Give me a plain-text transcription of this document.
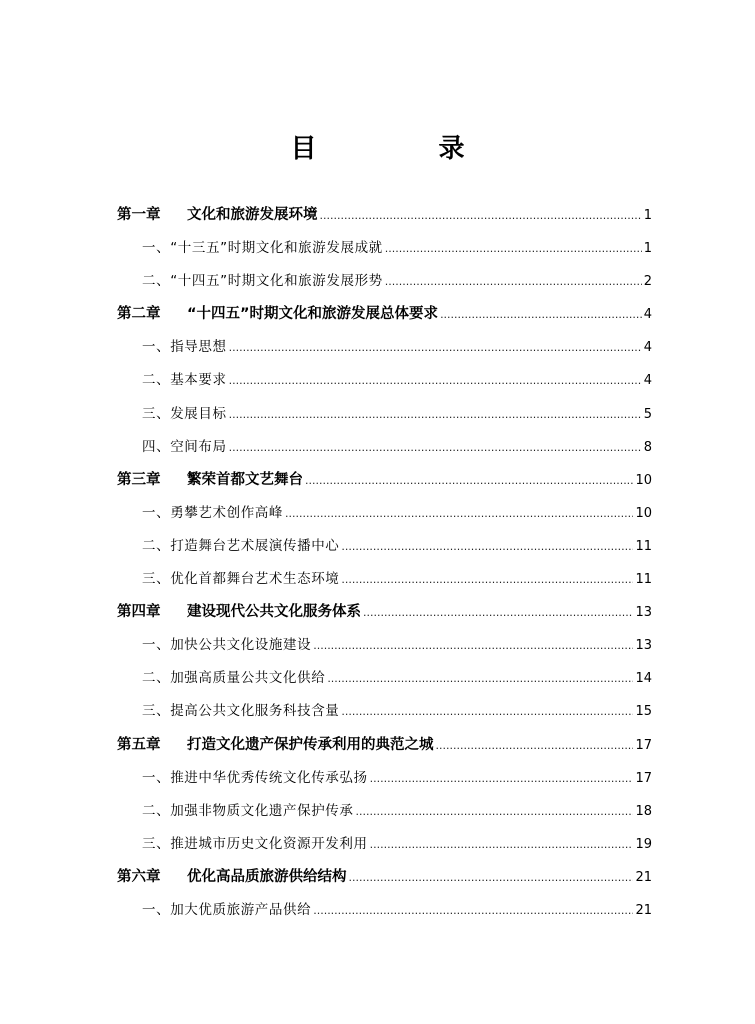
目　录
第一章	文化和旅游发展环境 .....	1
一、“十三五”时期文化和旅游发展成就 .....	1
二、“十四五”时期文化和旅游发展形势 .....	2
第二章	“十四五”时期文化和旅游发展总体要求 .....	4
一、指导思想 .....	4
二、基本要求 .....	4
三、发展目标 .....	5
四、空间布局 .....	8
第三章	繁荣首都文艺舞台 .....	10
一、勇攀艺术创作高峰 .....	10
二、打造舞台艺术展演传播中心 .....	11
三、优化首都舞台艺术生态环境 .....	11
第四章	建设现代公共文化服务体系 .....	13
一、加快公共文化设施建设 .....	13
二、加强高质量公共文化供给 .....	14
三、提高公共文化服务科技含量 .....	15
第五章	打造文化遗产保护传承利用的典范之城 .....	17
一、推进中华优秀传统文化传承弘扬 .....	17
二、加强非物质文化遗产保护传承 .....	18
三、推进城市历史文化资源开发利用 .....	19
第六章	优化高品质旅游供给结构 .....	21
一、加大优质旅游产品供给 .....	21
